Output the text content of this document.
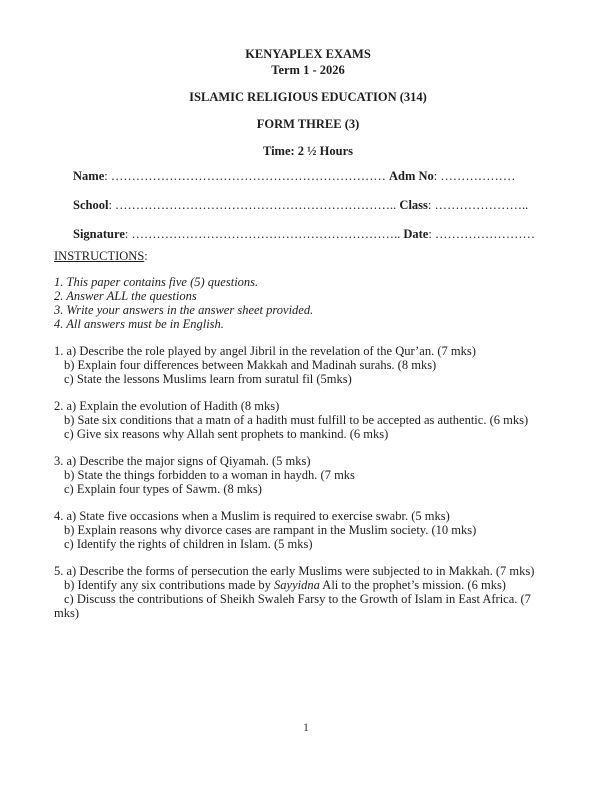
KENYAPLEX EXAMS
Term 1 - 2026
ISLAMIC RELIGIOUS EDUCATION (314)
FORM THREE (3)
Time: 2 ½ Hours
Name: ………………………………………………………… Adm No: ………………
School: ………………………………………………………….. Class: …………………..
Signature: ……………………………………………………….. Date: ……………………
INSTRUCTIONS:
1. This paper contains five (5) questions.
2. Answer ALL the questions
3. Write your answers in the answer sheet provided.
4. All answers must be in English.
1. a) Describe the role played by angel Jibril in the revelation of the Qur’an. (7 mks)
b) Explain four differences between Makkah and Madinah surahs. (8 mks)
c) State the lessons Muslims learn from suratul fil (5mks)
2. a) Explain the evolution of Hadith (8 mks)
b) Sate six conditions that a matn of a hadith must fulfill to be accepted as authentic. (6 mks)
c) Give six reasons why Allah sent prophets to mankind. (6 mks)
3. a) Describe the major signs of Qiyamah. (5 mks)
b) State the things forbidden to a woman in haydh. (7 mks
c) Explain four types of Sawm. (8 mks)
4. a) State five occasions when a Muslim is required to exercise swabr. (5 mks)
b) Explain reasons why divorce cases are rampant in the Muslim society. (10 mks)
c) Identify the rights of children in Islam. (5 mks)
5. a) Describe the forms of persecution the early Muslims were subjected to in Makkah. (7 mks)
b) Identify any six contributions made by Sayyidna Ali to the prophet’s mission. (6 mks)
c) Discuss the contributions of Sheikh Swaleh Farsy to the Growth of Islam in East Africa. (7
mks)
1
